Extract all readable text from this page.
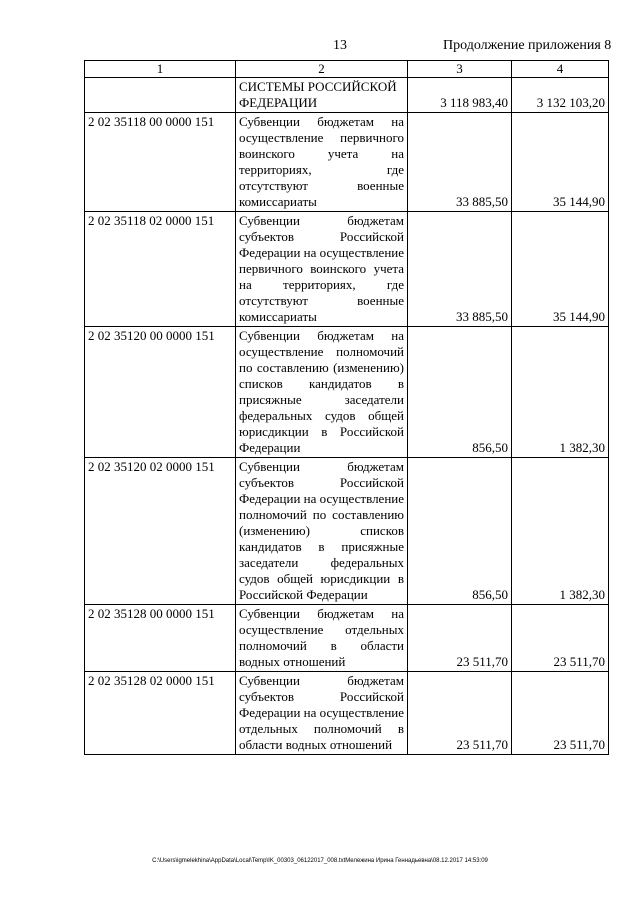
13	Продолжение приложения 8
1	2	3	4
	СИСТЕМЫ РОССИЙСКОЙ ФЕДЕРАЦИИ	3 118 983,40	3 132 103,20
2 02 35118 00 0000 151	Субвенции бюджетам на осуществление первичного воинского учета на территориях, где отсутствуют военные комиссариаты	33 885,50	35 144,90
2 02 35118 02 0000 151	Субвенции бюджетам субъектов Российской Федерации на осуществление первичного воинского учета на территориях, где отсутствуют военные комиссариаты	33 885,50	35 144,90
2 02 35120 00 0000 151	Субвенции бюджетам на осуществление полномочий по составлению (изменению) списков кандидатов в присяжные заседатели федеральных судов общей юрисдикции в Российской Федерации	856,50	1 382,30
2 02 35120 02 0000 151	Субвенции бюджетам субъектов Российской Федерации на осуществление полномочий по составлению (изменению) списков кандидатов в присяжные заседатели федеральных судов общей юрисдикции в Российской Федерации	856,50	1 382,30
2 02 35128 00 0000 151	Субвенции бюджетам на осуществление отдельных полномочий в области водных отношений	23 511,70	23 511,70
2 02 35128 02 0000 151	Субвенции бюджетам субъектов Российской Федерации на осуществление отдельных полномочий в области водных отношений	23 511,70	23 511,70
C:\Users\igmelekhina\AppData\Local\Temp\IK_00303_06122017_008.txtМележина Ирина Геннадьевна\08.12.2017 14:53:09
